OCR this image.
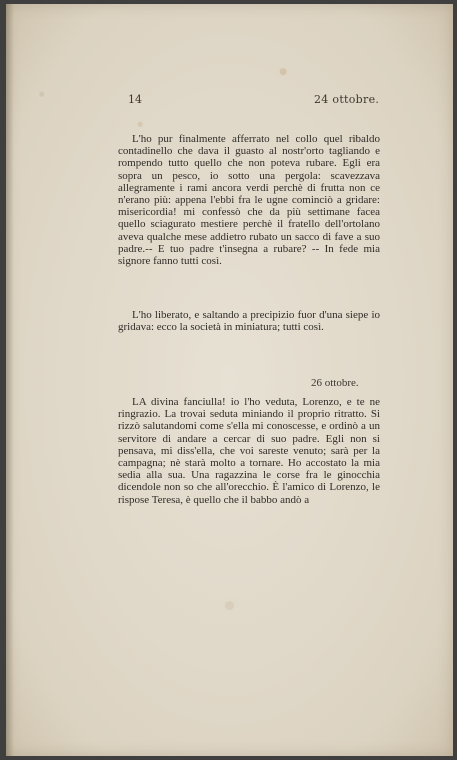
14	24 ottobre.

L'ho pur finalmente afferrato nel collo quel ribaldo contadinello che dava il guasto al nostr'orto tagliando e rompendo tutto quello che non poteva rubare. Egli era sopra un pesco, io sotto una pergola: scavezzava allegramente i rami ancora verdi perchè di frutta non ce n'erano più: appena l'ebbi fra le ugne cominciò a gridare: misericordia! mi confessò che da più settimane facea quello sciagurato mestiere perchè il fratello dell'ortolano aveva qualche mese addietro rubato un sacco di fave a suo padre.-- E tuo padre t'insegna a rubare? -- In fede mia signore fanno tutti così.

L'ho liberato, e saltando a precipizio fuor d'una siepe io gridava: ecco la società in miniatura; tutti così.

26 ottobre.

LA divina fanciulla! io l'ho veduta, Lorenzo, e te ne ringrazio. La trovai seduta miniando il proprio ritratto. Si rizzò salutandomi come s'ella mi conoscesse, e ordinò a un servitore di andare a cercar di suo padre. Egli non si pensava, mi diss'ella, che voi sareste venuto; sarà per la campagna; nè starà molto a tornare. Ho accostato la mia sedia alla sua. Una ragazzina le corse fra le ginocchia dicendole non so che all'orecchio. È l'amico di Lorenzo, le rispose Teresa, è quello che il babbo andò a
